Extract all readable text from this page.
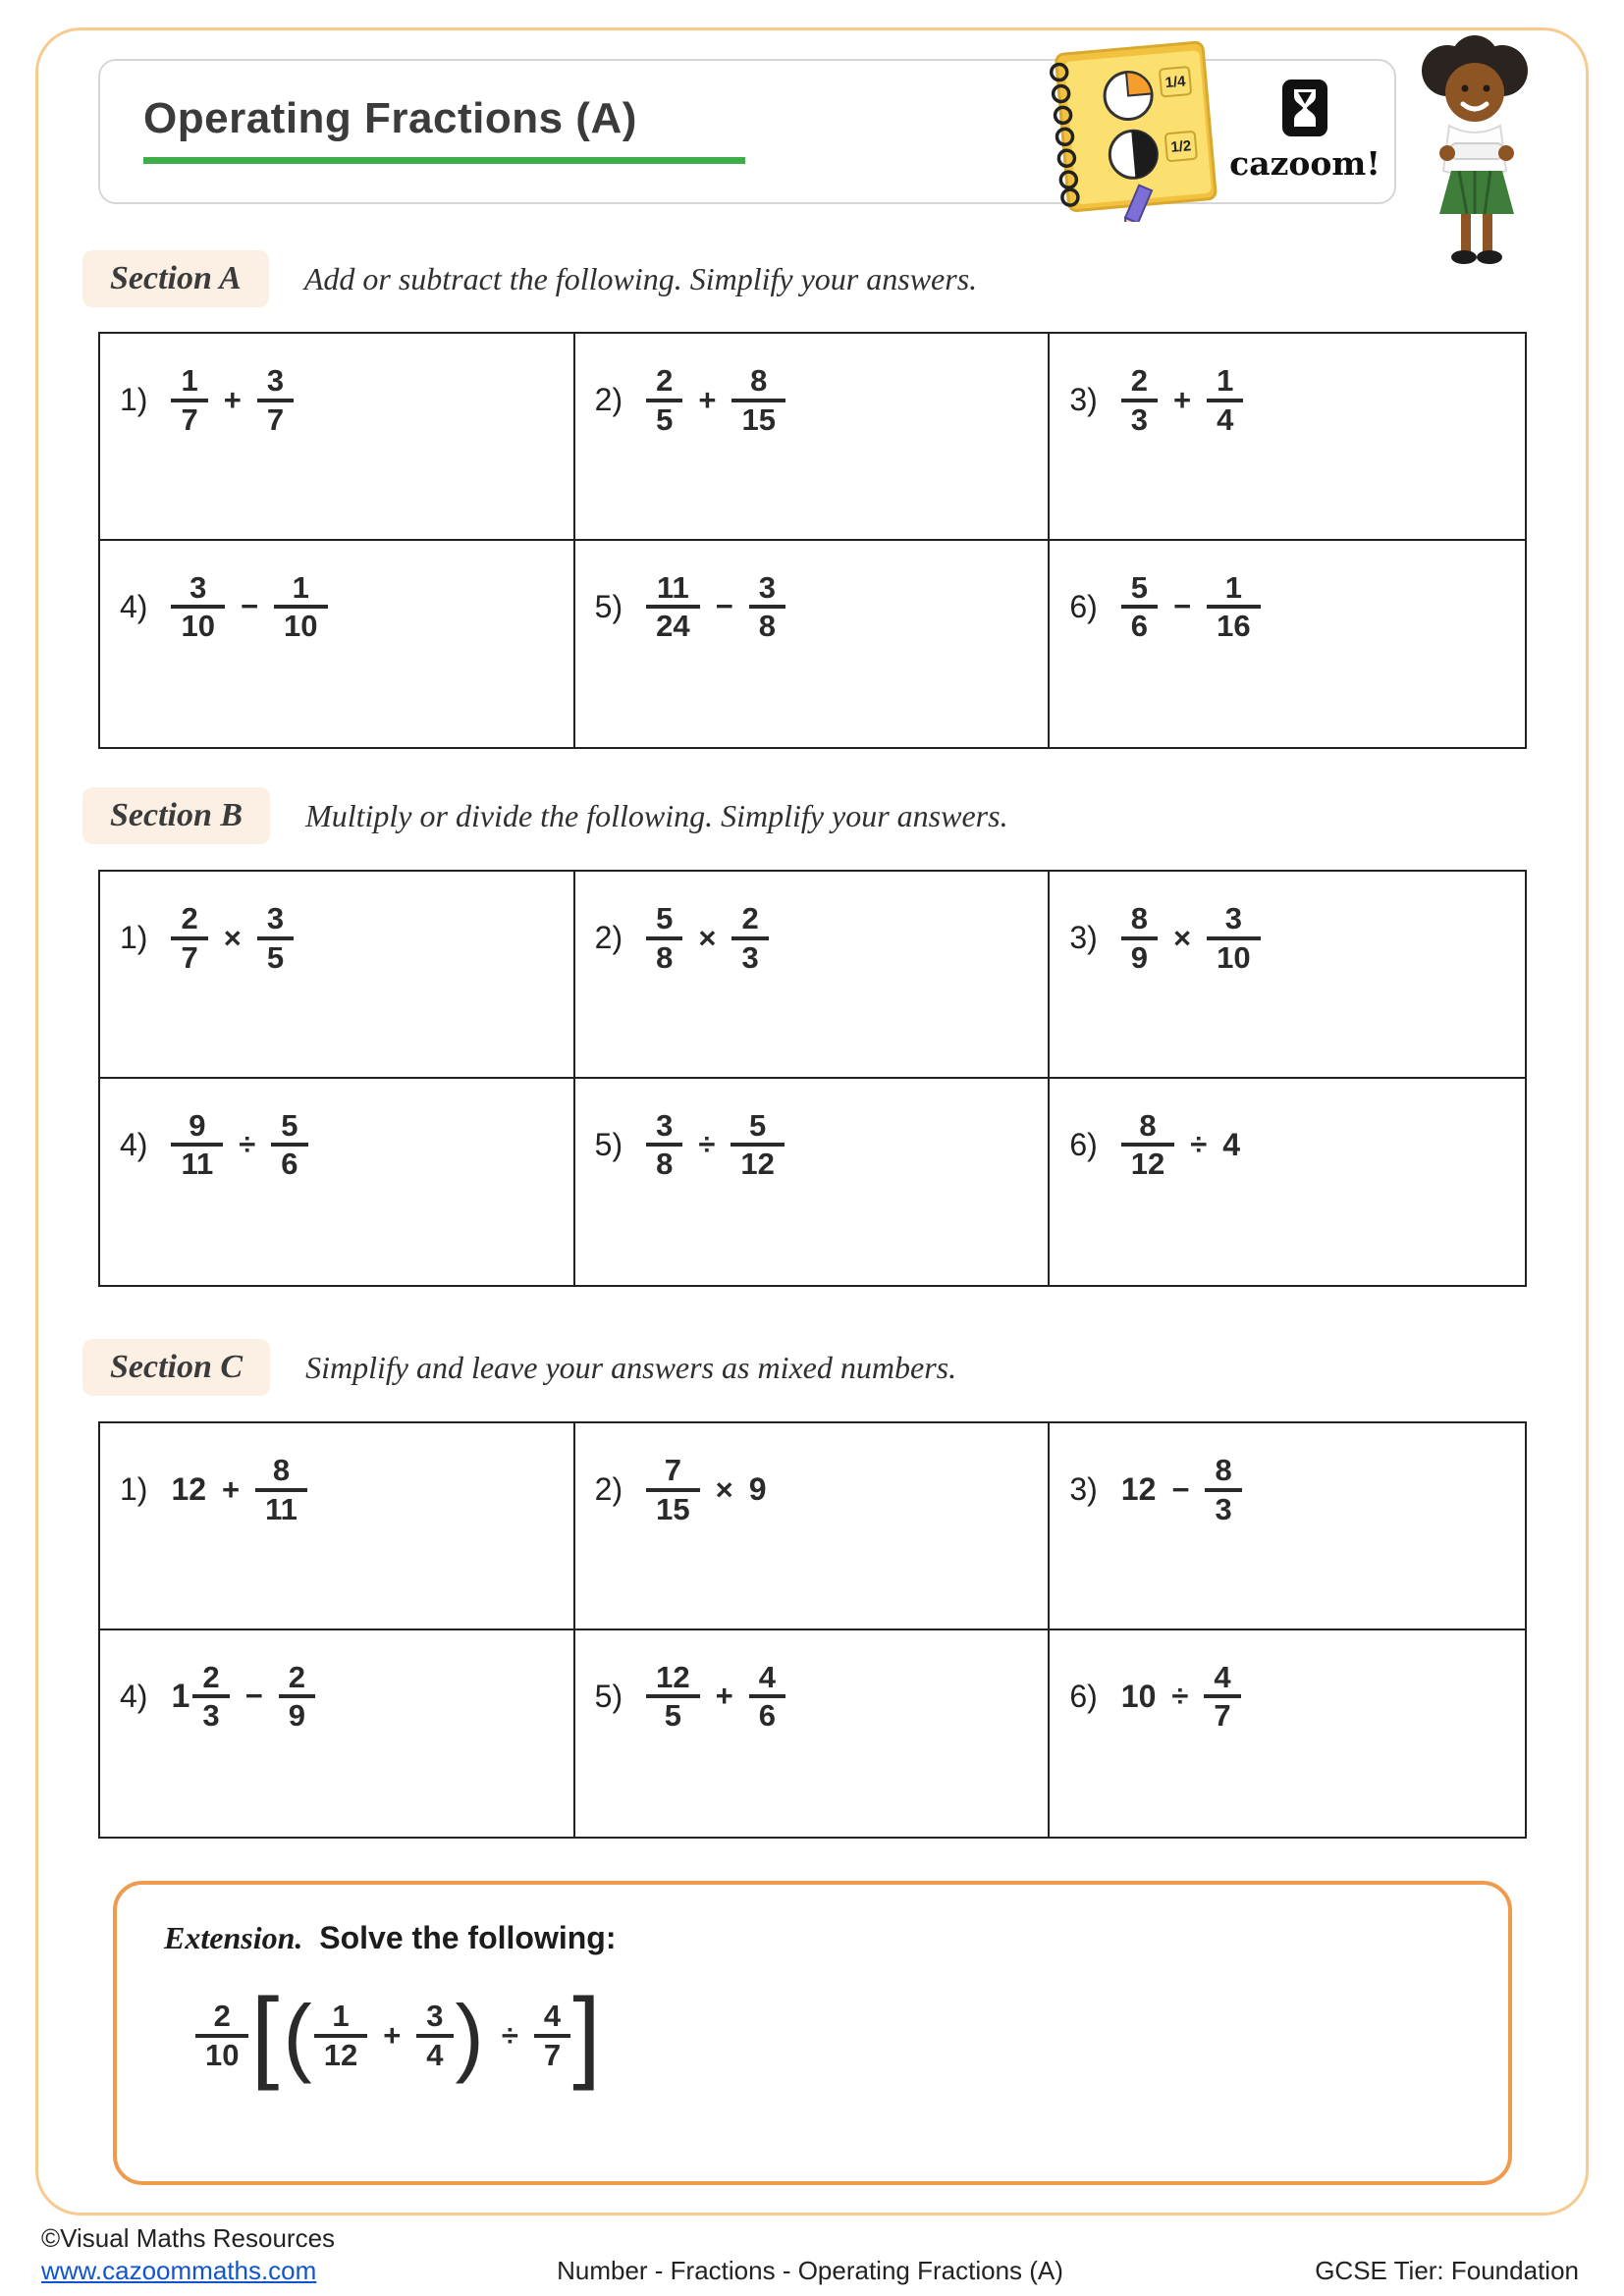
Operating Fractions (A)
1/4
1/2 cazoom!
Section A	Add or subtract the following. Simplify your answers.
$1) \frac{1}{7} + \frac{3}{7}$	$2) \frac{2}{5} + \frac{8}{15}$	$3) \frac{2}{3} + \frac{1}{4}$
$4) \frac{3}{10} - \frac{1}{10}$	$5) \frac{11}{24} - \frac{3}{8}$	$6) \frac{5}{6} - \frac{1}{16}$
Section B	Multiply or divide the following. Simplify your answers.
$1) \frac{2}{7} \times \frac{3}{5}$	$2) \frac{5}{8} \times \frac{2}{3}$	$3) \frac{8}{9} \times \frac{3}{10}$
$4) \frac{9}{11} \div \frac{5}{6}$	$5) \frac{3}{8} \div \frac{5}{12}$	$6) \frac{8}{12} \div 4$
Section C	Simplify and leave your answers as mixed numbers.
1) $12 + \frac{8}{11}$	$2) \frac{7}{15} \times 9$	3) $12 - \frac{8}{3}$
4) $1 \frac{2}{3} - \frac{2}{9}$	$5) \frac{12}{5} + \frac{4}{6}$	6) $10 \div \frac{4}{7}$
Extension. Solve the following:
$\frac{2}{10}$ [ ( $\frac{1}{12} + \frac{3}{4}$ ) ÷ $\frac{4}{7}$ ]
©Visual Maths Resources
www.cazoommaths.com	Number - Fractions - Operating Fractions (A)	GCSE Tier: Foundation
